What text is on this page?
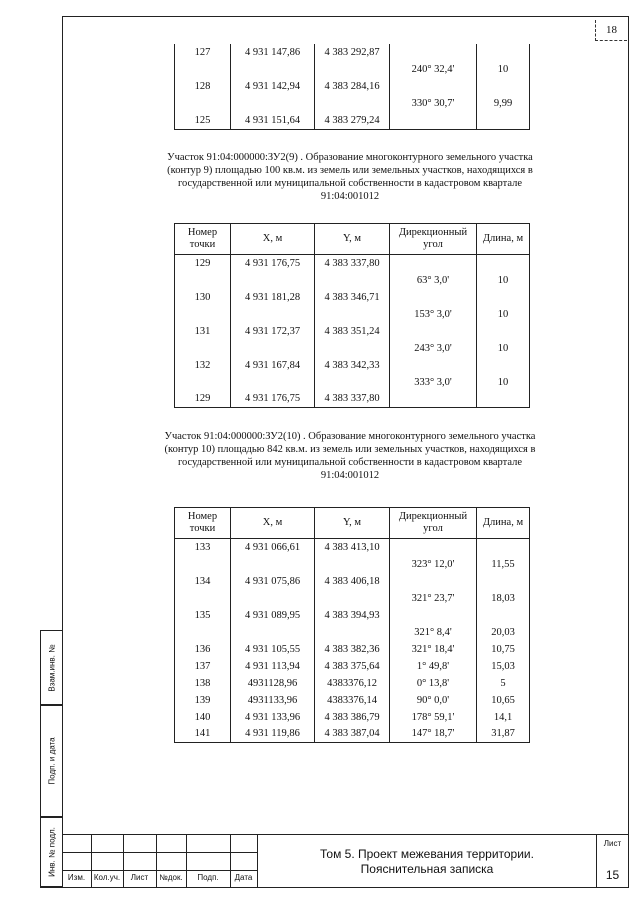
18
127	4 931 147,86	4 383 292,87		
			240° 32,4'	10
128	4 931 142,94	4 383 284,16		
			330° 30,7'	9,99
125	4 931 151,64	4 383 279,24		
Участок 91:04:000000:ЗУ2(9) . Образование многоконтурного земельного участка (контур 9) площадью 100 кв.м. из земель или земельных участков, находящихся в государственной или муниципальной собственности в кадастровом квартале 91:04:001012
Номер точки	X, м	Y, м	Дирекционный угол	Длина, м
129	4 931 176,75	4 383 337,80		
			63° 3,0'	10
130	4 931 181,28	4 383 346,71		
			153° 3,0'	10
131	4 931 172,37	4 383 351,24		
			243° 3,0'	10
132	4 931 167,84	4 383 342,33		
			333° 3,0'	10
129	4 931 176,75	4 383 337,80		
Участок 91:04:000000:ЗУ2(10) . Образование многоконтурного земельного участка (контур 10) площадью 842 кв.м. из земель или земельных участков, находящихся в государственной или муниципальной собственности в кадастровом квартале 91:04:001012
Номер точки	X, м	Y, м	Дирекционный угол	Длина, м
133	4 931 066,61	4 383 413,10		
			323° 12,0'	11,55
134	4 931 075,86	4 383 406,18		
			321° 23,7'	18,03
135	4 931 089,95	4 383 394,93		
			321° 8,4'	20,03
136	4 931 105,55	4 383 382,36	321° 18,4'	10,75
137	4 931 113,94	4 383 375,64	1° 49,8'	15,03
138	4931128,96	4383376,12	0° 13,8'	5
139	4931133,96	4383376,14	90° 0,0'	10,65
140	4 931 133,96	4 383 386,79	178° 59,1'	14,1
141	4 931 119,86	4 383 387,04	147° 18,7'	31,87
Взам.инв. №
Подп. и дата
Инв. № подл.
Изм.	Кол.уч.	Лист	№док.	Подп.	Дата
Том 5. Проект межевания территории.
Пояснительная записка
Лист
15
